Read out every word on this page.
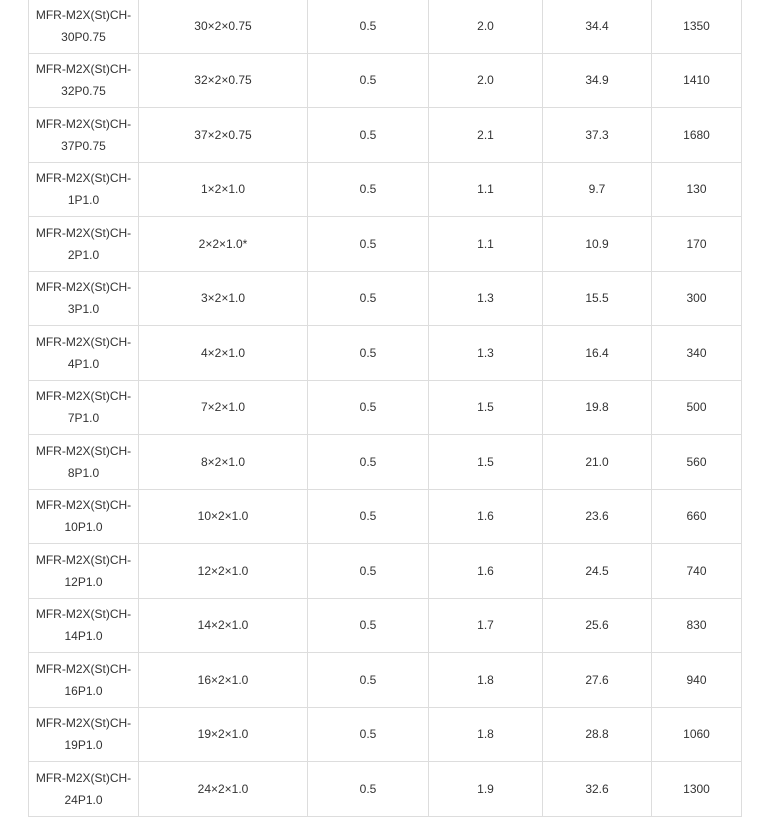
MFR-M2X(St)CH-
30P0.75	30×2×0.75	0.5	2.0	34.4	1350

MFR-M2X(St)CH-
32P0.75	32×2×0.75	0.5	2.0	34.9	1410

MFR-M2X(St)CH-
37P0.75	37×2×0.75	0.5	2.1	37.3	1680

MFR-M2X(St)CH-
1P1.0	1×2×1.0	0.5	1.1	9.7	130

MFR-M2X(St)CH-
2P1.0	2×2×1.0*	0.5	1.1	10.9	170

MFR-M2X(St)CH-
3P1.0	3×2×1.0	0.5	1.3	15.5	300

MFR-M2X(St)CH-
4P1.0	4×2×1.0	0.5	1.3	16.4	340

MFR-M2X(St)CH-
7P1.0	7×2×1.0	0.5	1.5	19.8	500

MFR-M2X(St)CH-
8P1.0	8×2×1.0	0.5	1.5	21.0	560

MFR-M2X(St)CH-
10P1.0	10×2×1.0	0.5	1.6	23.6	660

MFR-M2X(St)CH-
12P1.0	12×2×1.0	0.5	1.6	24.5	740

MFR-M2X(St)CH-
14P1.0	14×2×1.0	0.5	1.7	25.6	830

MFR-M2X(St)CH-
16P1.0	16×2×1.0	0.5	1.8	27.6	940

MFR-M2X(St)CH-
19P1.0	19×2×1.0	0.5	1.8	28.8	1060

MFR-M2X(St)CH-
24P1.0	24×2×1.0	0.5	1.9	32.6	1300
